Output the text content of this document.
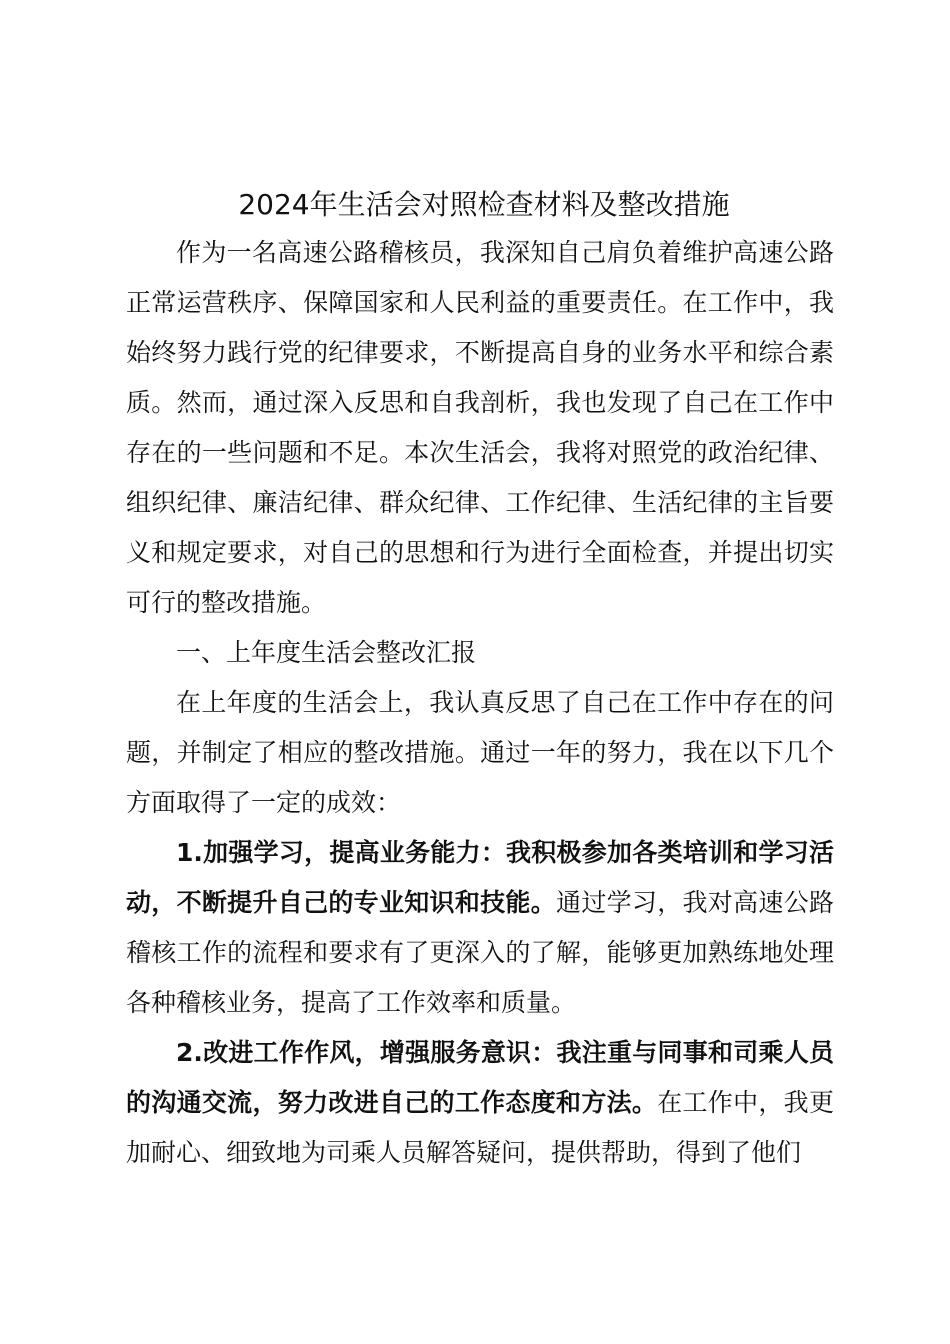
2024年生活会对照检查材料及整改措施

作为一名高速公路稽核员，我深知自己肩负着维护高速公路正常运营秩序、保障国家和人民利益的重要责任。在工作中，我始终努力践行党的纪律要求，不断提高自身的业务水平和综合素质。然而，通过深入反思和自我剖析，我也发现了自己在工作中存在的一些问题和不足。本次生活会，我将对照党的政治纪律、组织纪律、廉洁纪律、群众纪律、工作纪律、生活纪律的主旨要义和规定要求，对自己的思想和行为进行全面检查，并提出切实可行的整改措施。

一、上年度生活会整改汇报

在上年度的生活会上，我认真反思了自己在工作中存在的问题，并制定了相应的整改措施。通过一年的努力，我在以下几个方面取得了一定的成效：

1.加强学习，提高业务能力：我积极参加各类培训和学习活动，不断提升自己的专业知识和技能。通过学习，我对高速公路稽核工作的流程和要求有了更深入的了解，能够更加熟练地处理各种稽核业务，提高了工作效率和质量。

2.改进工作作风，增强服务意识：我注重与同事和司乘人员的沟通交流，努力改进自己的工作态度和方法。在工作中，我更加耐心、细致地为司乘人员解答疑问，提供帮助，得到了他们
